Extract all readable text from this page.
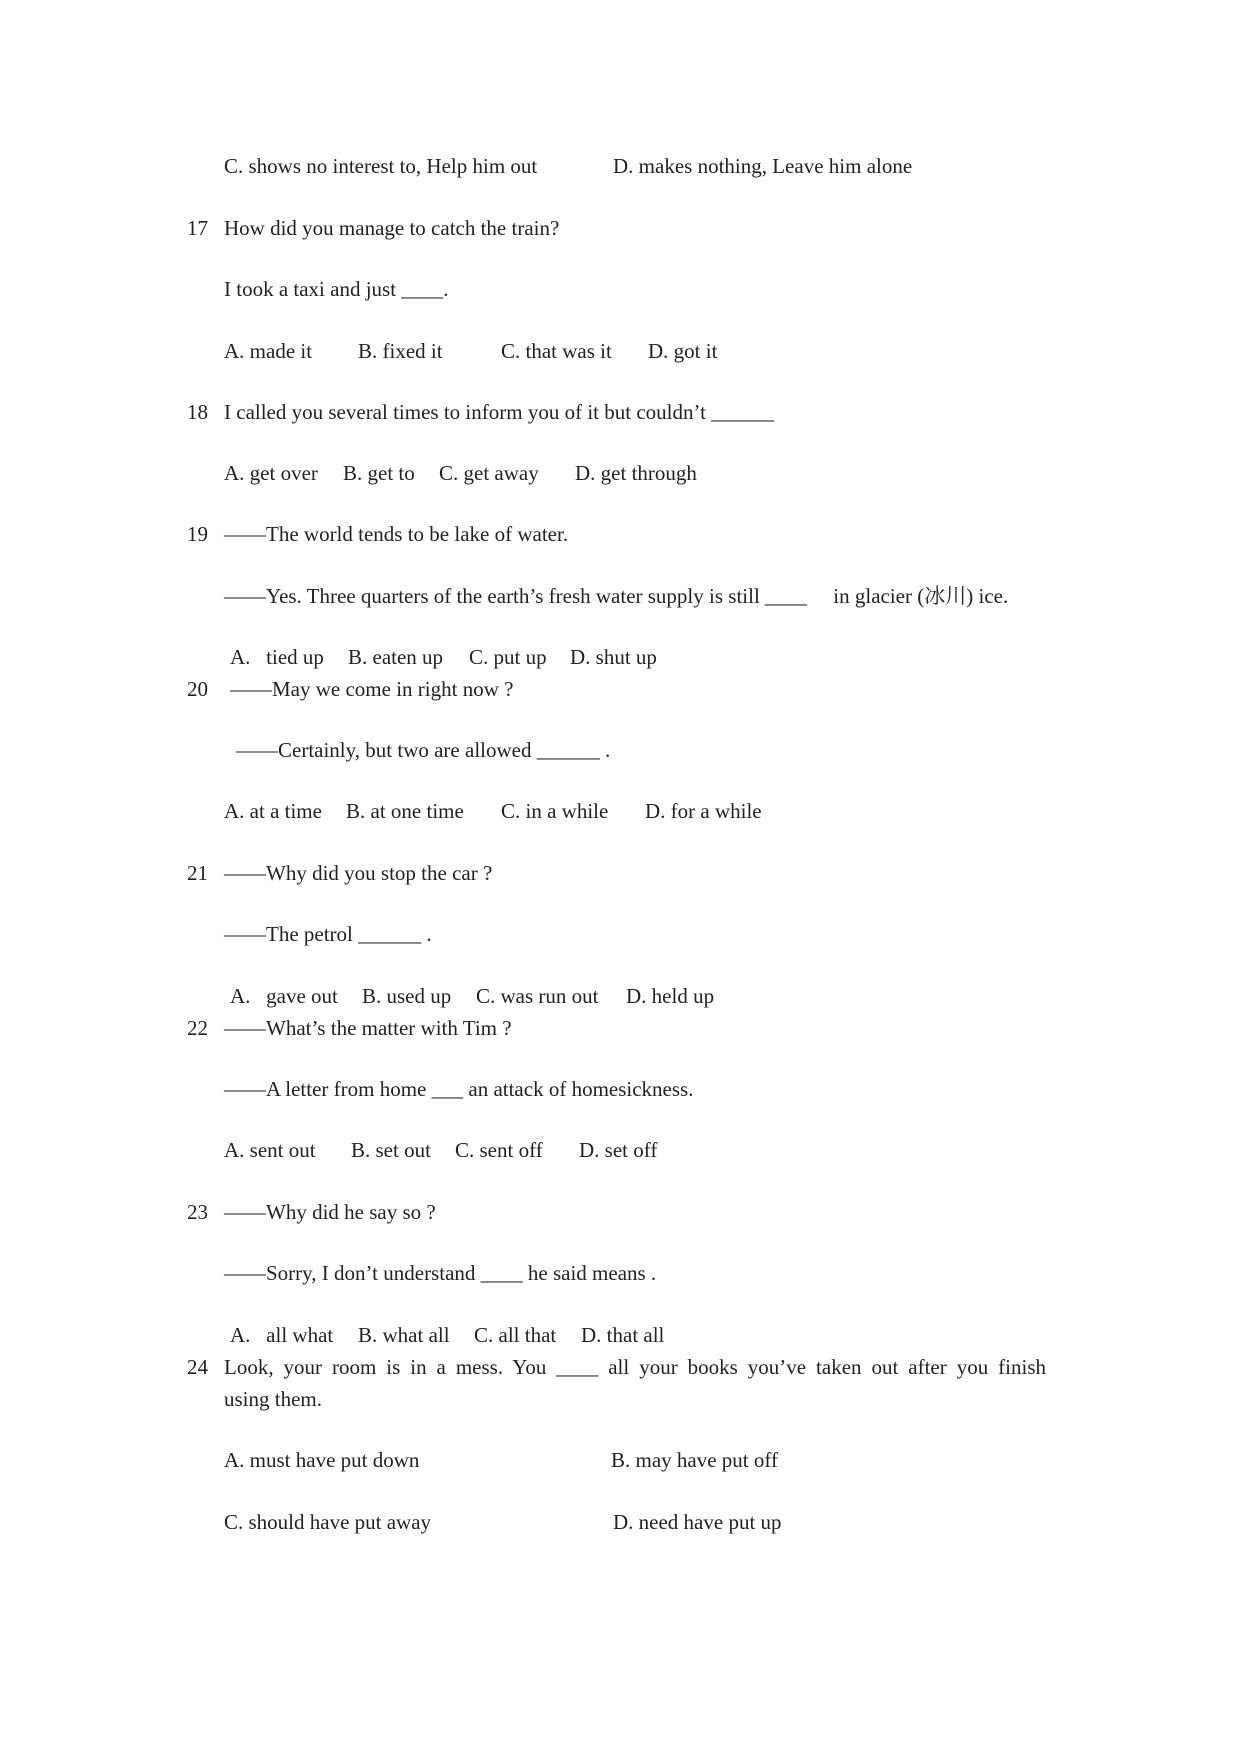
C. shows no interest to, Help him out	D. makes nothing, Leave him alone
17 How did you manage to catch the train?
I took a taxi and just ____.
A. made it B. fixed it	C. that was it D. got it
18 I called you several times to inform you of it but couldn’t ______
A. get over B. get to C. get away D. get through
19 ——The world tends to be lake of water.
——Yes. Three quarters of the earth’s fresh water supply is still ____     in glacier (冰川) ice.
A.   tied up B. eaten up C. put up D. shut up
20 ——May we come in right now ?
——Certainly, but two are allowed ______ .
A. at a time B. at one time C. in a while D. for a while
21 ——Why did you stop the car ?
——The petrol ______ .
A.   gave out B. used up C. was run out D. held up
22 ——What’s the matter with Tim ?
——A letter from home ___ an attack of homesickness.
A. sent out B. set out C. sent off D. set off
23 ——Why did he say so ?
——Sorry, I don’t understand ____ he said means .
A.   all what B. what all C. all that D. that all
24 Look, your room is in a mess. You ____ all your books you’ve taken out after you finish
using them.
A. must have put down	B. may have put off
C. should have put away	D. need have put up
